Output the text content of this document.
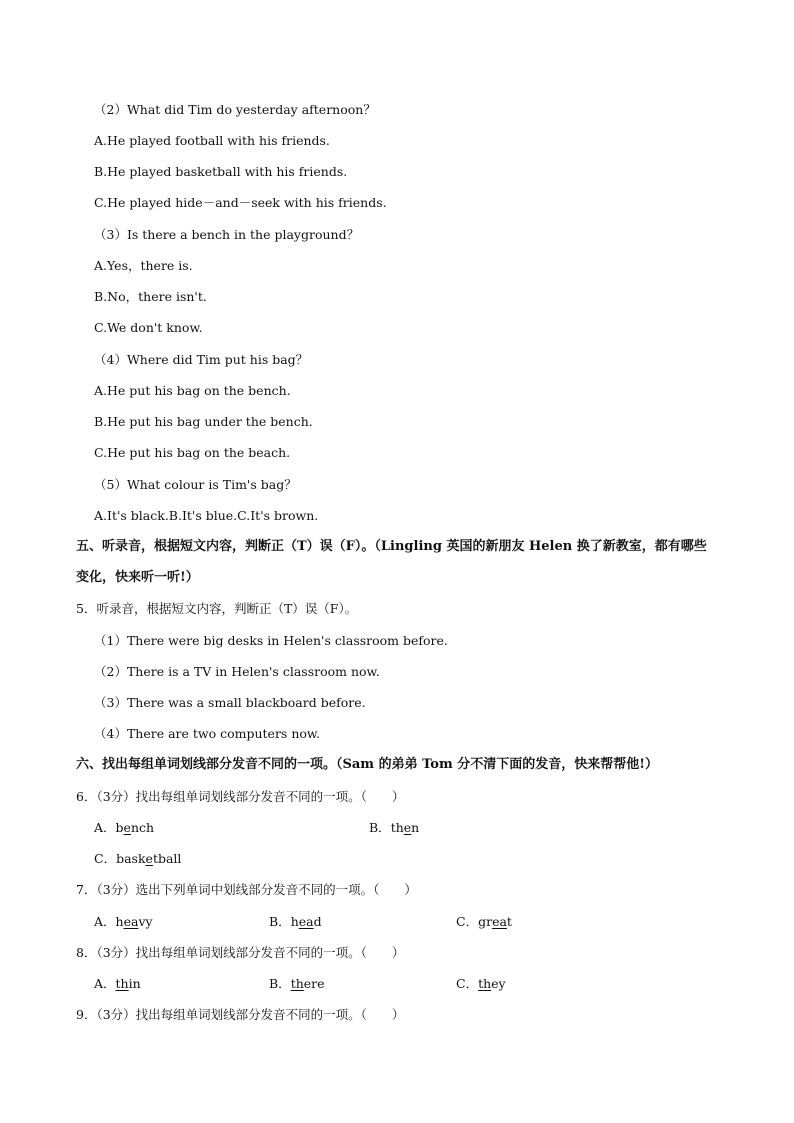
（2）What did Tim do yesterday afternoon？
A.He played football with his friends.
B.He played basketball with his friends.
C.He played hide－and－seek with his friends.
（3）Is there a bench in the playground？
A.Yes，there is.
B.No，there isn't.
C.We don't know.
（4）Where did Tim put his bag？
A.He put his bag on the bench.
B.He put his bag under the bench.
C.He put his bag on the beach.
（5）What colour is Tim's bag？
A.It's black.B.It's blue.C.It's brown.
五、听录音，根据短文内容，判断正（T）误（F）。（Lingling 英国的新朋友 Helen 换了新教室，都有哪些
变化，快来听一听!）
5．听录音，根据短文内容，判断正（T）误（F）。
（1）There were big desks in Helen's classroom before.
（2）There is a TV in Helen's classroom now.
（3）There was a small blackboard before.
（4）There are two computers now.
六、找出每组单词划线部分发音不同的一项。（Sam 的弟弟 Tom 分不清下面的发音，快来帮帮他!）
6．（3分）找出每组单词划线部分发音不同的一项。（　　）
A．bench	B．then
C．basketball
7．（3分）选出下列单词中划线部分发音不同的一项。（　　）
A．heavy	B．head	C．great
8．（3分）找出每组单词划线部分发音不同的一项。（　　）
A．thin	B．there	C．they
9．（3分）找出每组单词划线部分发音不同的一项。（　　）
